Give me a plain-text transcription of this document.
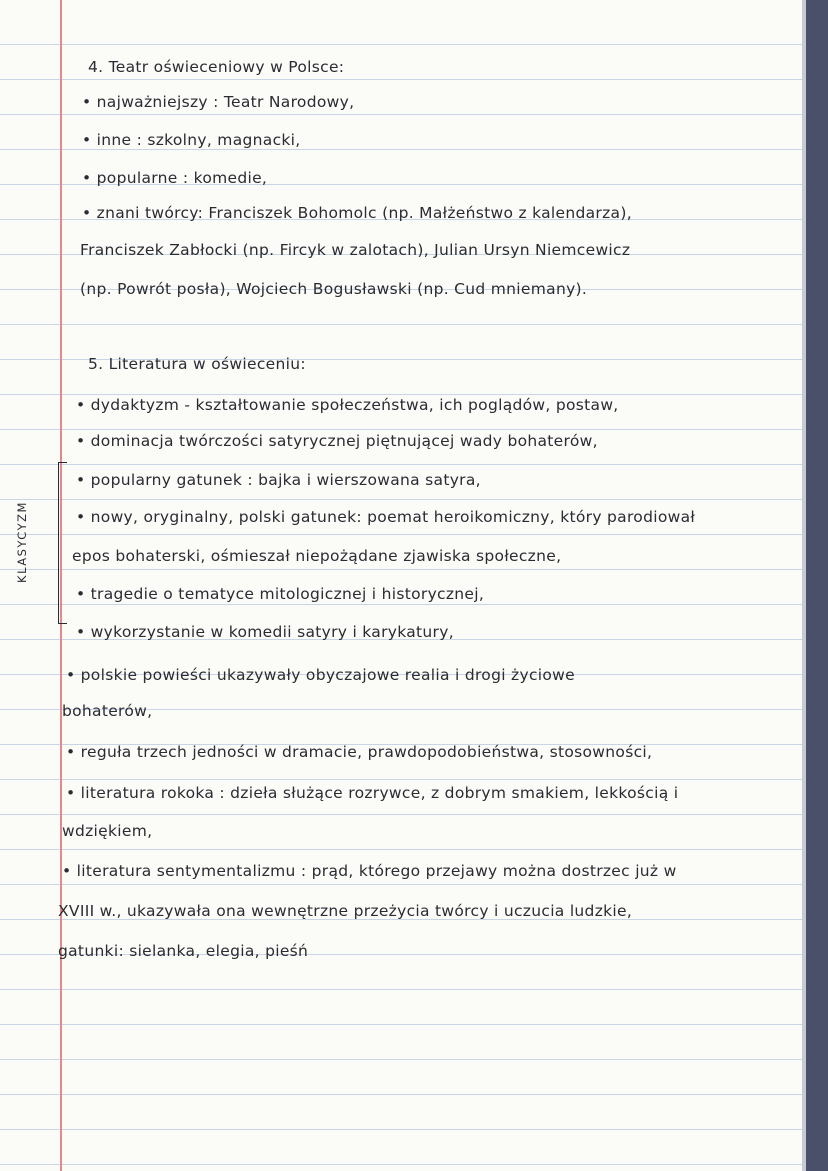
4. Teatr oświeceniowy w Polsce:
• najważniejszy : Teatr Narodowy,
• inne : szkolny, magnacki,
• popularne : komedie,
• znani twórcy: Franciszek Bohomolc (np. Małżeństwo z kalendarza),
Franciszek Zabłocki (np. Fircyk w zalotach), Julian Ursyn Niemcewicz
(np. Powrót posła), Wojciech Bogusławski (np. Cud mniemany).
5. Literatura w oświeceniu:
KLASYCYZM
• dydaktyzm - kształtowanie społeczeństwa, ich poglądów, postaw,
• dominacja twórczości satyrycznej piętnującej wady bohaterów,
• popularny gatunek : bajka i wierszowana satyra,
• nowy, oryginalny, polski gatunek: poemat heroikomiczny, który parodiował
epos bohaterski, ośmieszał niepożądane zjawiska społeczne,
• tragedie o tematyce mitologicznej i historycznej,
• wykorzystanie w komedii satyry i karykatury,
• polskie powieści ukazywały obyczajowe realia i drogi życiowe
bohaterów,
• reguła trzech jedności w dramacie, prawdopodobieństwa, stosowności,
• literatura rokoka : dzieła służące rozrywce, z dobrym smakiem, lekkością i
wdziękiem,
• literatura sentymentalizmu : prąd, którego przejawy można dostrzec już w
XVIII w., ukazywała ona wewnętrzne przeżycia twórcy i uczucia ludzkie,
gatunki: sielanka, elegia, pieśń
